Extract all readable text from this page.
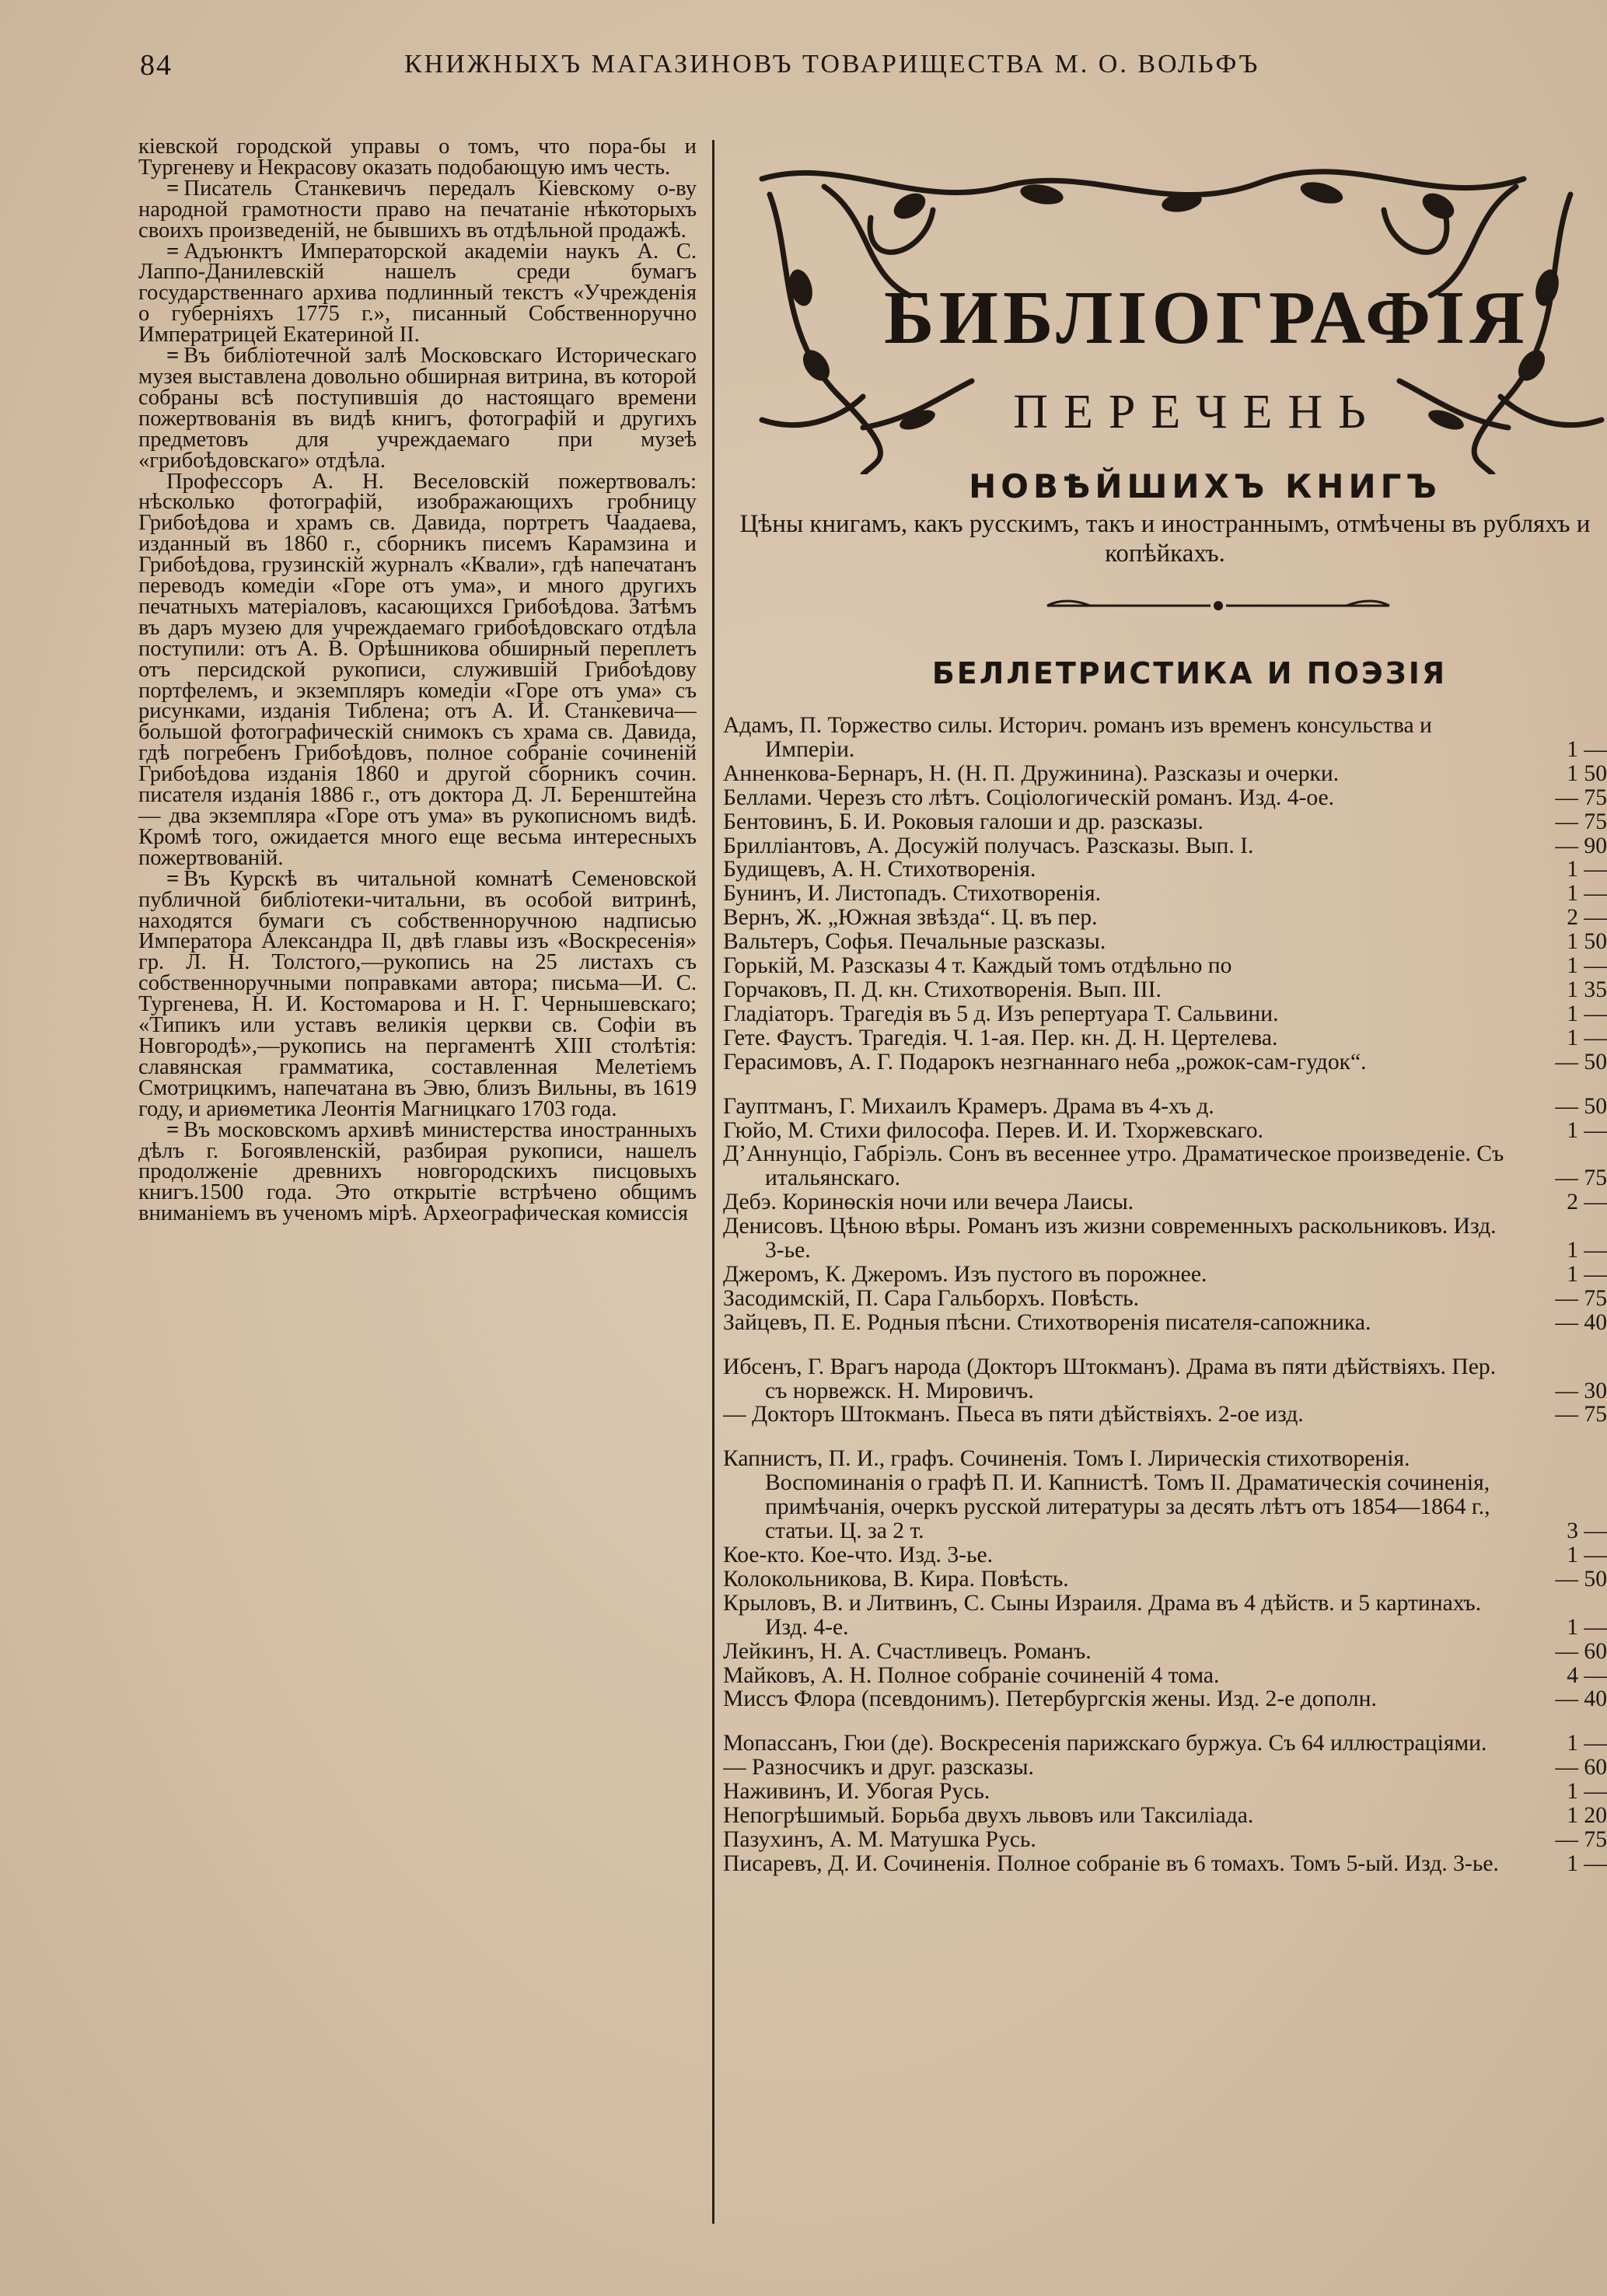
84	КНИЖНЫХЪ МАГАЗИНОВЪ ТОВАРИЩЕСТВА М. О. ВОЛЬФЪ
кіевской городской управы о томъ, что пора-бы и Тургеневу и Некрасову оказать подобающую имъ честь.
= Писатель Станкевичъ передалъ Кіевскому о-ву народной грамотности право на печатаніе нѣкоторыхъ своихъ произведеній, не бывшихъ въ отдѣльной продажѣ.
= Адъюнктъ Императорской академіи наукъ А. С. Лаппо-Данилевскій нашелъ среди бумагъ государственнаго архива подлинный текстъ «Учрежденія о губерніяхъ 1775 г.», писанный Собственноручно Императрицей Екатериной II.
= Въ библіотечной залѣ Московскаго Историческаго музея выставлена довольно обширная витрина, въ которой собраны всѣ поступившія до настоящаго времени пожертвованія въ видѣ книгъ, фотографій и другихъ предметовъ для учреждаемаго при музеѣ «грибоѣдовскаго» отдѣла.
Профессоръ А. Н. Веселовскій пожертвовалъ: нѣсколько фотографій, изображающихъ гробницу Грибоѣдова и храмъ св. Давида, портретъ Чаадаева, изданный въ 1860 г., сборникъ писемъ Карамзина и Грибоѣдова, грузинскій журналъ «Квали», гдѣ напечатанъ переводъ комедіи «Горе отъ ума», и много другихъ печатныхъ матеріаловъ, касающихся Грибоѣдова. Затѣмъ въ даръ музею для учреждаемаго грибоѣдовскаго отдѣла поступили: отъ А. В. Орѣшникова обширный переплетъ отъ персидской рукописи, служившій Грибоѣдову портфелемъ, и экземпляръ комедіи «Горе отъ ума» съ рисунками, изданія Тиблена; отъ А. И. Станкевича—большой фотографическій снимокъ съ храма св. Давида, гдѣ погребенъ Грибоѣдовъ, полное собраніе сочиненій Грибоѣдова изданія 1860 и другой сборникъ сочин. писателя изданія 1886 г., отъ доктора Д. Л. Беренштейна — два экземпляра «Горе отъ ума» въ рукописномъ видѣ. Кромѣ того, ожидается много еще весьма интересныхъ пожертвованій.
= Въ Курскѣ въ читальной комнатѣ Семеновской публичной библіотеки-читальни, въ особой витринѣ, находятся бумаги съ собственноручною надписью Императора Александра II, двѣ главы изъ «Воскресенія» гр. Л. Н. Толстого,—рукопись на 25 листахъ съ собственноручными поправками автора; письма—И. С. Тургенева, Н. И. Костомарова и Н. Г. Чернышевскаго; «Типикъ или уставъ великія церкви св. Софіи въ Новгородѣ»,—рукопись на пергаментѣ XIII столѣтія: славянская грамматика, составленная Мелетіемъ Смотрицкимъ, напечатана въ Эвю, близъ Вильны, въ 1619 году, и ариѳметика Леонтія Магницкаго 1703 года.
= Въ московскомъ архивѣ министерства иностранныхъ дѣлъ г. Богоявленскій, разбирая рукописи, нашелъ продолженіе древнихъ новгородскихъ писцовыхъ книгъ.1500 года. Это открытіе встрѣчено общимъ вниманіемъ въ ученомъ мірѣ. Археографическая комиссія
БИБЛІОГРАФІЯ
ПЕРЕЧЕНЬ
НОВѢЙШИХЪ КНИГЪ
Цѣны книгамъ, какъ русскимъ, такъ и иностраннымъ, отмѣчены въ рубляхъ и копѣйкахъ.
БЕЛЛЕТРИСТИКА И ПОЭЗІЯ
Адамъ, П. Торжество силы. Историч. романъ изъ временъ консульства и Имперіи.	1 —
Анненкова-Бернаръ, Н. (Н. П. Дружинина). Разсказы и очерки.	1 50
Беллами. Черезъ сто лѣтъ. Соціологическій романъ. Изд. 4-ое.	— 75
Бентовинъ, Б. И. Роковыя галоши и др. разсказы.	— 75
Бриллiантовъ, А. Досужій получасъ. Разсказы. Вып. I.	— 90
Будищевъ, А. Н. Стихотворенія.	1 —
Бунинъ, И. Листопадъ. Стихотворенія.	1 —
Вернъ, Ж. „Южная звѣзда“. Ц. въ пер.	2 —
Вальтеръ, Софья. Печальные разсказы.	1 50
Горькій, М. Разсказы 4 т. Каждый томъ отдѣльно по	1 —
Горчаковъ, П. Д. кн. Стихотворенія. Вып. III.	1 35
Гладіаторъ. Трагедія въ 5 д. Изъ репертуара Т. Сальвини.	1 —
Гете. Фаустъ. Трагедія. Ч. 1-ая. Пер. кн. Д. Н. Цертелева.	1 —
Герасимовъ, А. Г. Подарокъ незгнаннаго неба „рожок-сам-гудок“.	— 50
Гауптманъ, Г. Михаилъ Крамеръ. Драма въ 4-хъ д.	— 50
Гюйо, М. Стихи философа. Перев. И. И. Тхоржевскаго.	1 —
Д’Аннунціо, Габріэль. Сонъ въ весеннее утро. Драматическое произведеніе. Съ итальянскаго.	— 75
Дебэ. Коринѳскія ночи или вечера Лаисы.	2 —
Денисовъ. Цѣною вѣры. Романъ изъ жизни современныхъ раскольниковъ. Изд. 3-ье.	1 —
Джеромъ, К. Джеромъ. Изъ пустого въ порожнее.	1 —
Засодимскій, П. Сара Гальборхъ. Повѣсть.	— 75
Зайцевъ, П. Е. Родныя пѣсни. Стихотворенія писателя-сапожника.	— 40
Ибсенъ, Г. Врагъ народа (Докторъ Штокманъ). Драма въ пяти дѣйствіяхъ. Пер. съ норвежск. Н. Мировичъ.	— 30
— Докторъ Штокманъ. Пьеса въ пяти дѣйствіяхъ. 2-ое изд.	— 75
Капнистъ, П. И., графъ. Сочиненія. Томъ I. Лирическія стихотворенія. Воспоминанія о графѣ П. И. Капнистѣ. Томъ II. Драматическія сочиненія, примѣчанія, очеркъ русской литературы за десять лѣтъ отъ 1854—1864 г., статьи. Ц. за 2 т.	3 —
Кое-кто. Кое-что. Изд. 3-ье.	1 —
Колокольникова, В. Кира. Повѣсть.	— 50
Крыловъ, В. и Литвинъ, С. Сыны Израиля. Драма въ 4 дѣйств. и 5 картинахъ. Изд. 4-е.	1 —
Лейкинъ, Н. А. Счастливецъ. Романъ.	— 60
Майковъ, А. Н. Полное собраніе сочиненій 4 тома.	4 —
Миссъ Флора (псевдонимъ). Петербургскія жены. Изд. 2-е дополн.	— 40
Мопассанъ, Гюи (де). Воскресенія парижскаго буржуа. Съ 64 иллюстраціями.	1 —
— Разносчикъ и друг. разсказы.	— 60
Наживинъ, И. Убогая Русь.	1 —
Непогрѣшимый. Борьба двухъ львовъ или Таксиліада.	1 20
Пазухинъ, А. М. Матушка Русь.	— 75
Писаревъ, Д. И. Сочиненія. Полное собраніе въ 6 томахъ. Томъ 5-ый. Изд. 3-ье.	1 —
